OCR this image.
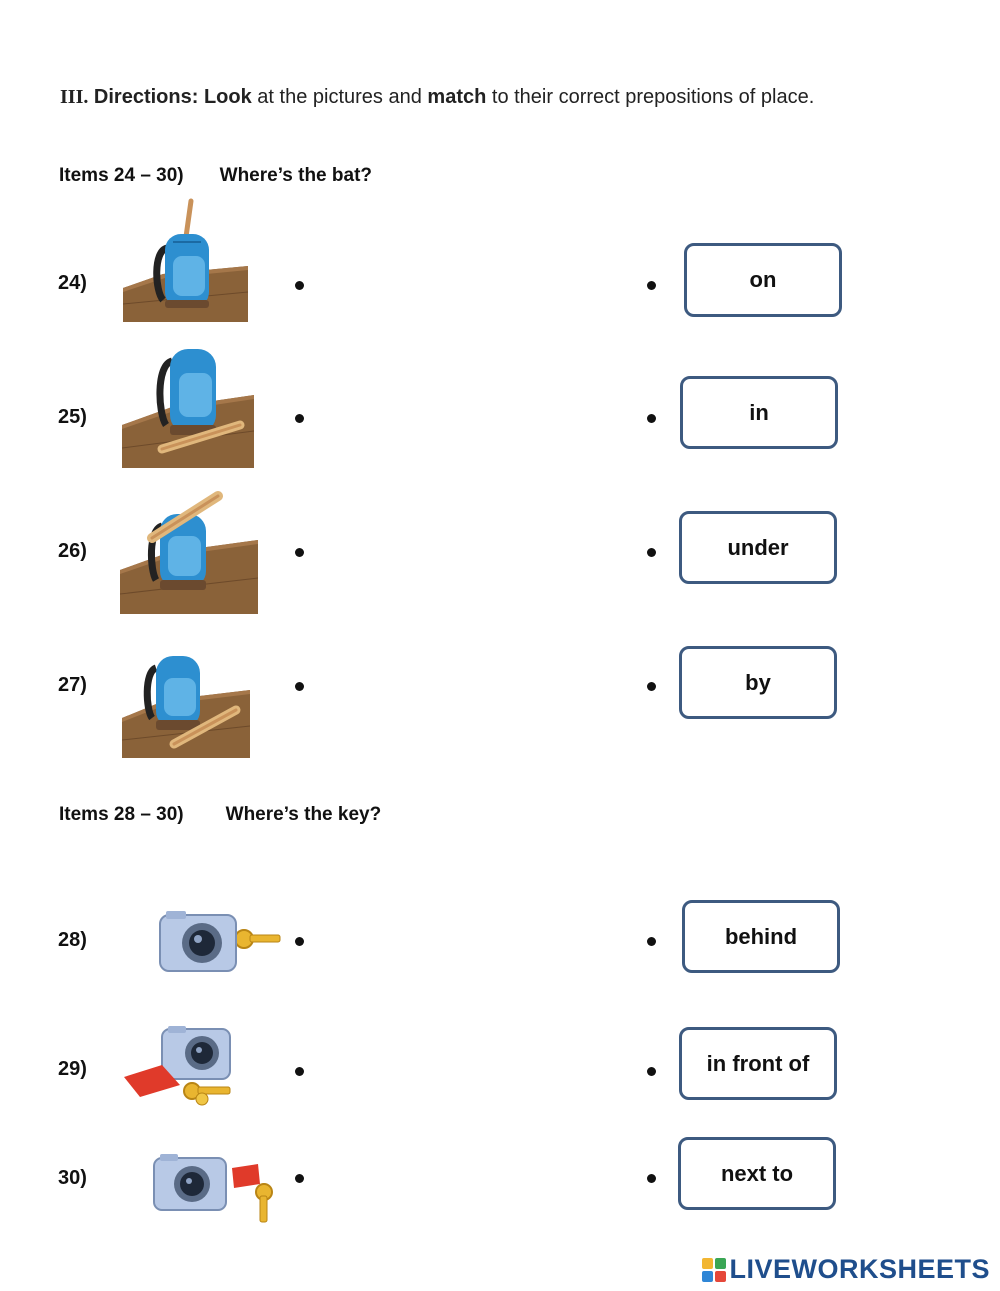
III. Directions: Look at the pictures and match to their correct prepositions of place.
Items 24 – 30) Where’s the bat?
Items 28 – 30) Where’s the key?
24)
25)
26)
27)
28)
29)
30)
on
in
under
by
behind
in front of
next to
LIVEWORKSHEETS
